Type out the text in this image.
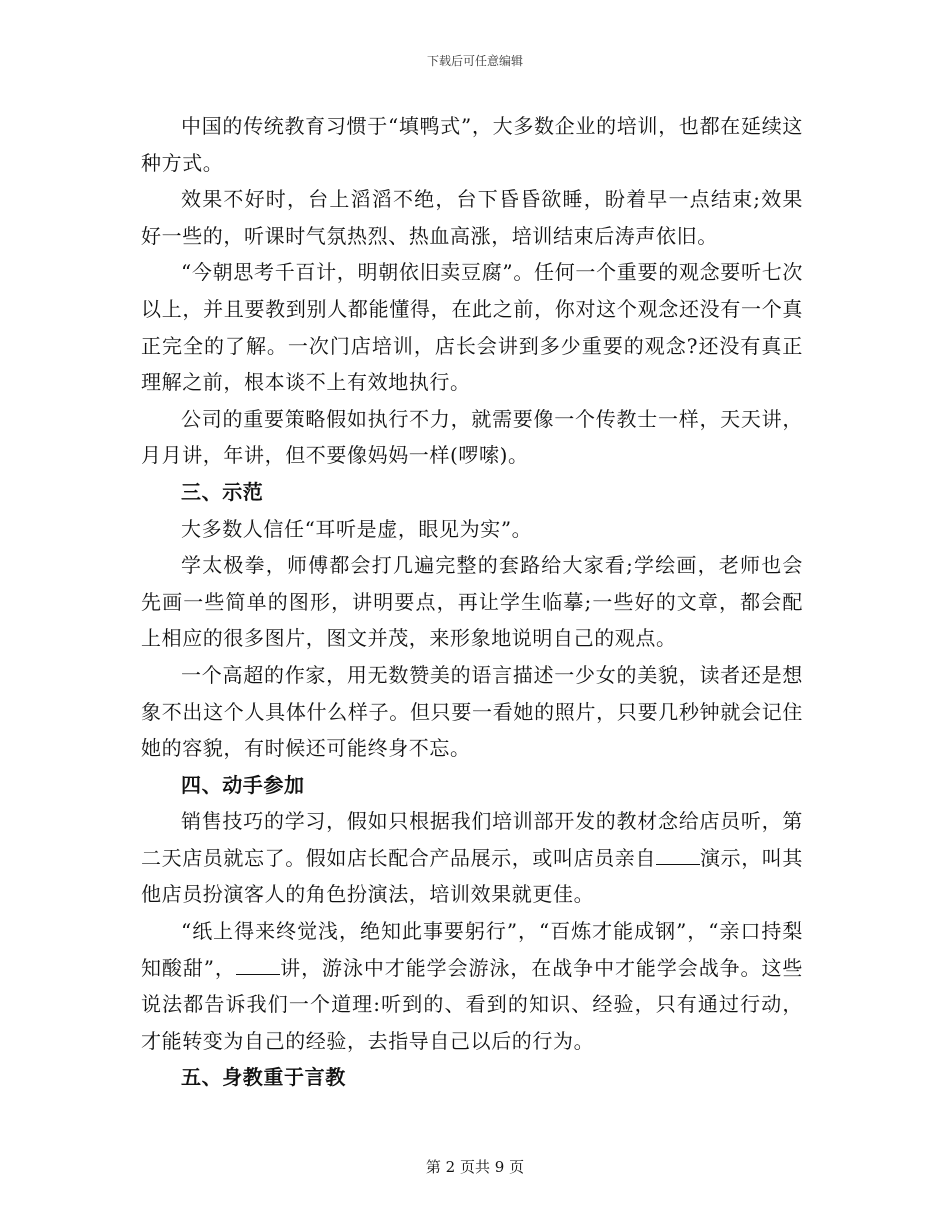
下载后可任意编辑

中国的传统教育习惯于“填鸭式”，大多数企业的培训，也都在延续这种方式。

效果不好时，台上滔滔不绝，台下昏昏欲睡，盼着早一点结束;效果好一些的，听课时气氛热烈、热血高涨，培训结束后涛声依旧。

“今朝思考千百计，明朝依旧卖豆腐”。任何一个重要的观念要听七次以上，并且要教到别人都能懂得，在此之前，你对这个观念还没有一个真正完全的了解。一次门店培训，店长会讲到多少重要的观念?还没有真正理解之前，根本谈不上有效地执行。

公司的重要策略假如执行不力，就需要像一个传教士一样，天天讲，月月讲，年讲，但不要像妈妈一样(啰嗦)。

三、示范

大多数人信任“耳听是虚，眼见为实”。

学太极拳，师傅都会打几遍完整的套路给大家看;学绘画，老师也会先画一些简单的图形，讲明要点，再让学生临摹;一些好的文章，都会配上相应的很多图片，图文并茂，来形象地说明自己的观点。

一个高超的作家，用无数赞美的语言描述一少女的美貌，读者还是想象不出这个人具体什么样子。但只要一看她的照片，只要几秒钟就会记住她的容貌，有时候还可能终身不忘。

四、动手参加

销售技巧的学习，假如只根据我们培训部开发的教材念给店员听，第二天店员就忘了。假如店长配合产品展示，或叫店员亲自 演示，叫其他店员扮演客人的角色扮演法，培训效果就更佳。

“纸上得来终觉浅，绝知此事要躬行”，“百炼才能成钢”，“亲口持梨知酸甜”， 讲，游泳中才能学会游泳，在战争中才能学会战争。这些说法都告诉我们一个道理:听到的、看到的知识、经验，只有通过行动，才能转变为自己的经验，去指导自己以后的行为。

五、身教重于言教

第 2 页共 9 页
